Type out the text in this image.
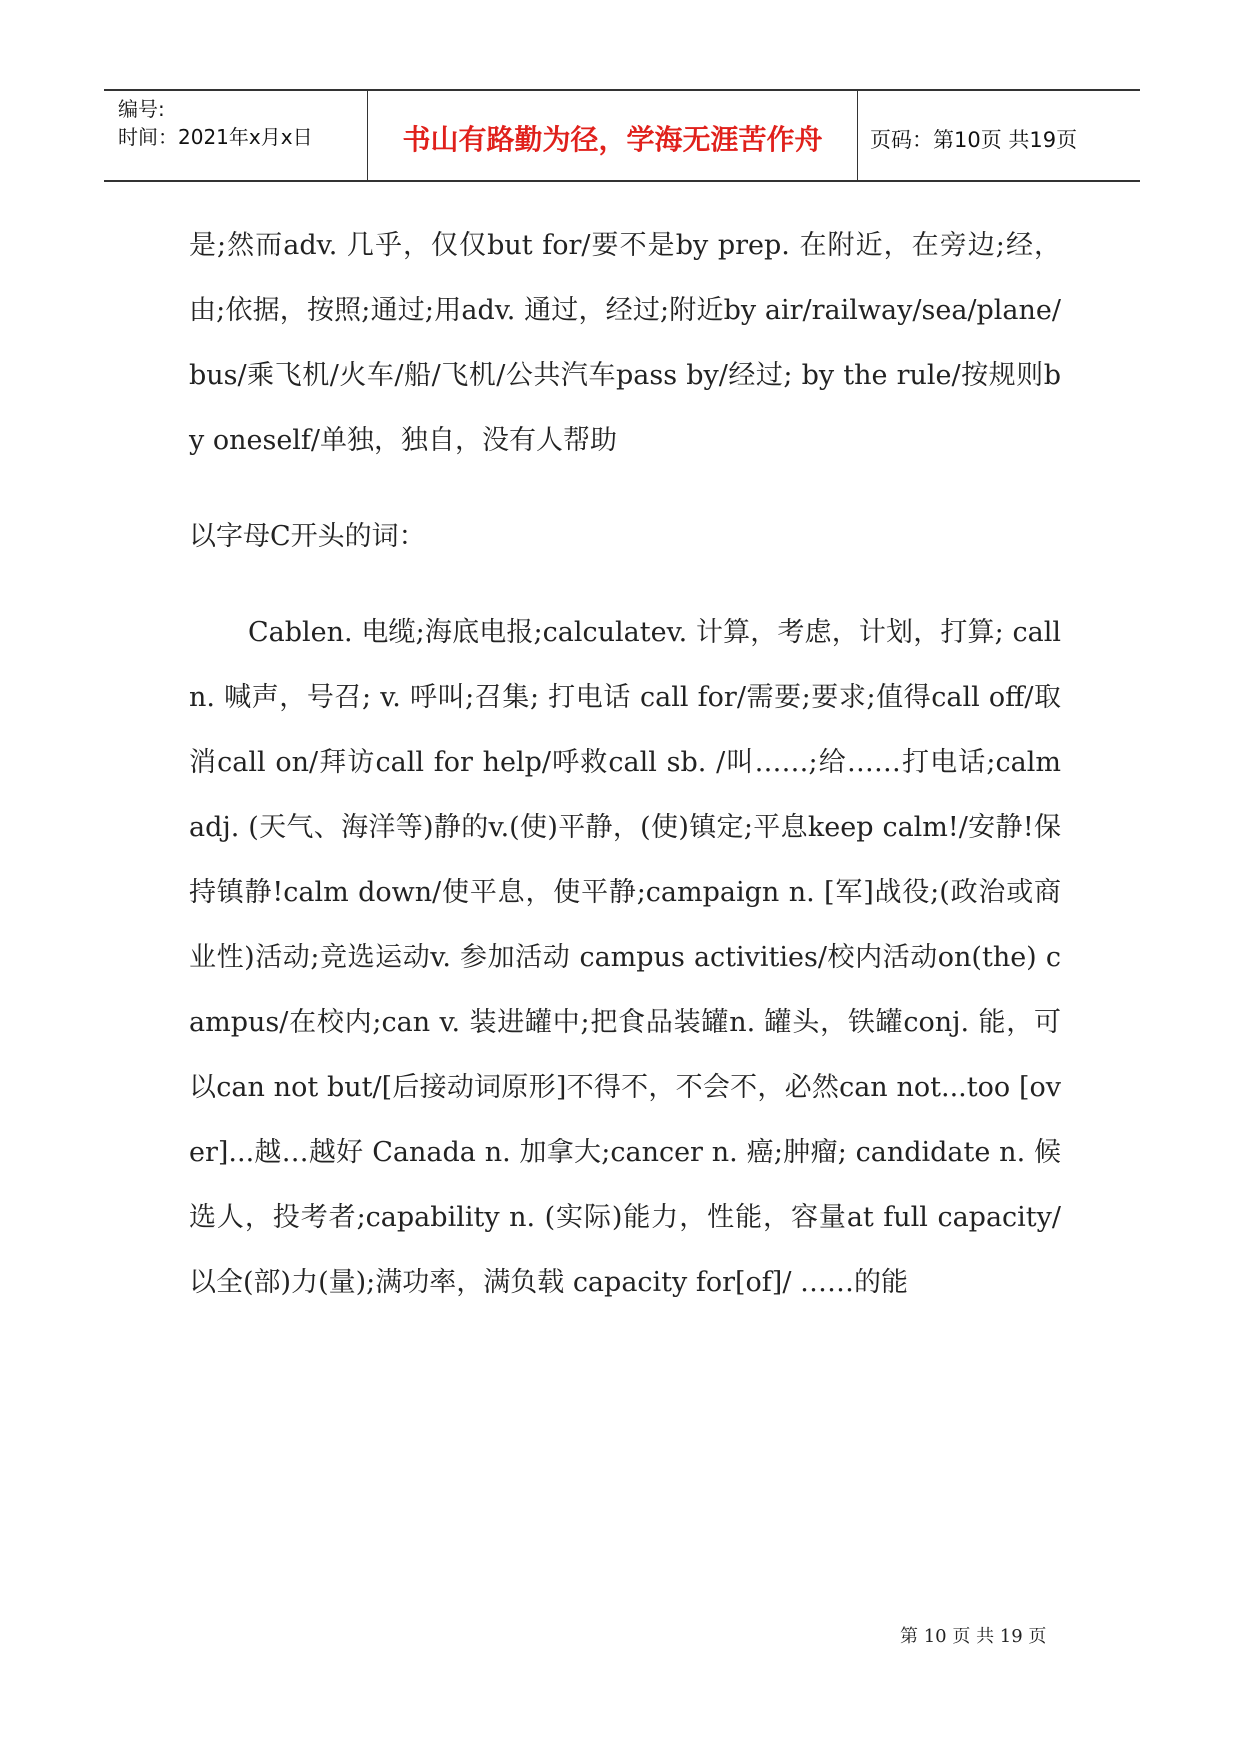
编号:
时间：2021年x月x日	书山有路勤为径，学海无涯苦作舟	页码：第10页 共19页

是;然而adv. 几乎，仅仅but for/要不是by prep. 在附近，在旁边;经，由;依据，按照;通过;用adv. 通过，经过;附近by air/railway/sea/plane/bus/乘飞机/火车/船/飞机/公共汽车pass by/经过; by the rule/按规则by oneself/单独，独自，没有人帮助

以字母C开头的词：

Cablen. 电缆;海底电报;calculatev. 计算，考虑，计划，打算; call n. 喊声，号召; v. 呼叫;召集; 打电话 call for/需要;要求;值得call off/取消call on/拜访call for help/呼救call sb. /叫……;给……打电话;calm adj. (天气、海洋等)静的v.(使)平静，(使)镇定;平息keep calm!/安静!保持镇静!calm down/使平息，使平静;campaign n. [军]战役;(政治或商业性)活动;竞选运动v. 参加活动 campus activities/校内活动on(the) campus/在校内;can v. 装进罐中;把食品装罐n. 罐头，铁罐conj. 能，可以can not but/[后接动词原形]不得不，不会不，必然can not...too [over]...越…越好 Canada n. 加拿大;cancer n. 癌;肿瘤; candidate n. 候选人，投考者;capability n. (实际)能力，性能，容量at full capacity/以全(部)力(量);满功率，满负载 capacity for[of]/ ……的能

第 10 页 共 19 页
